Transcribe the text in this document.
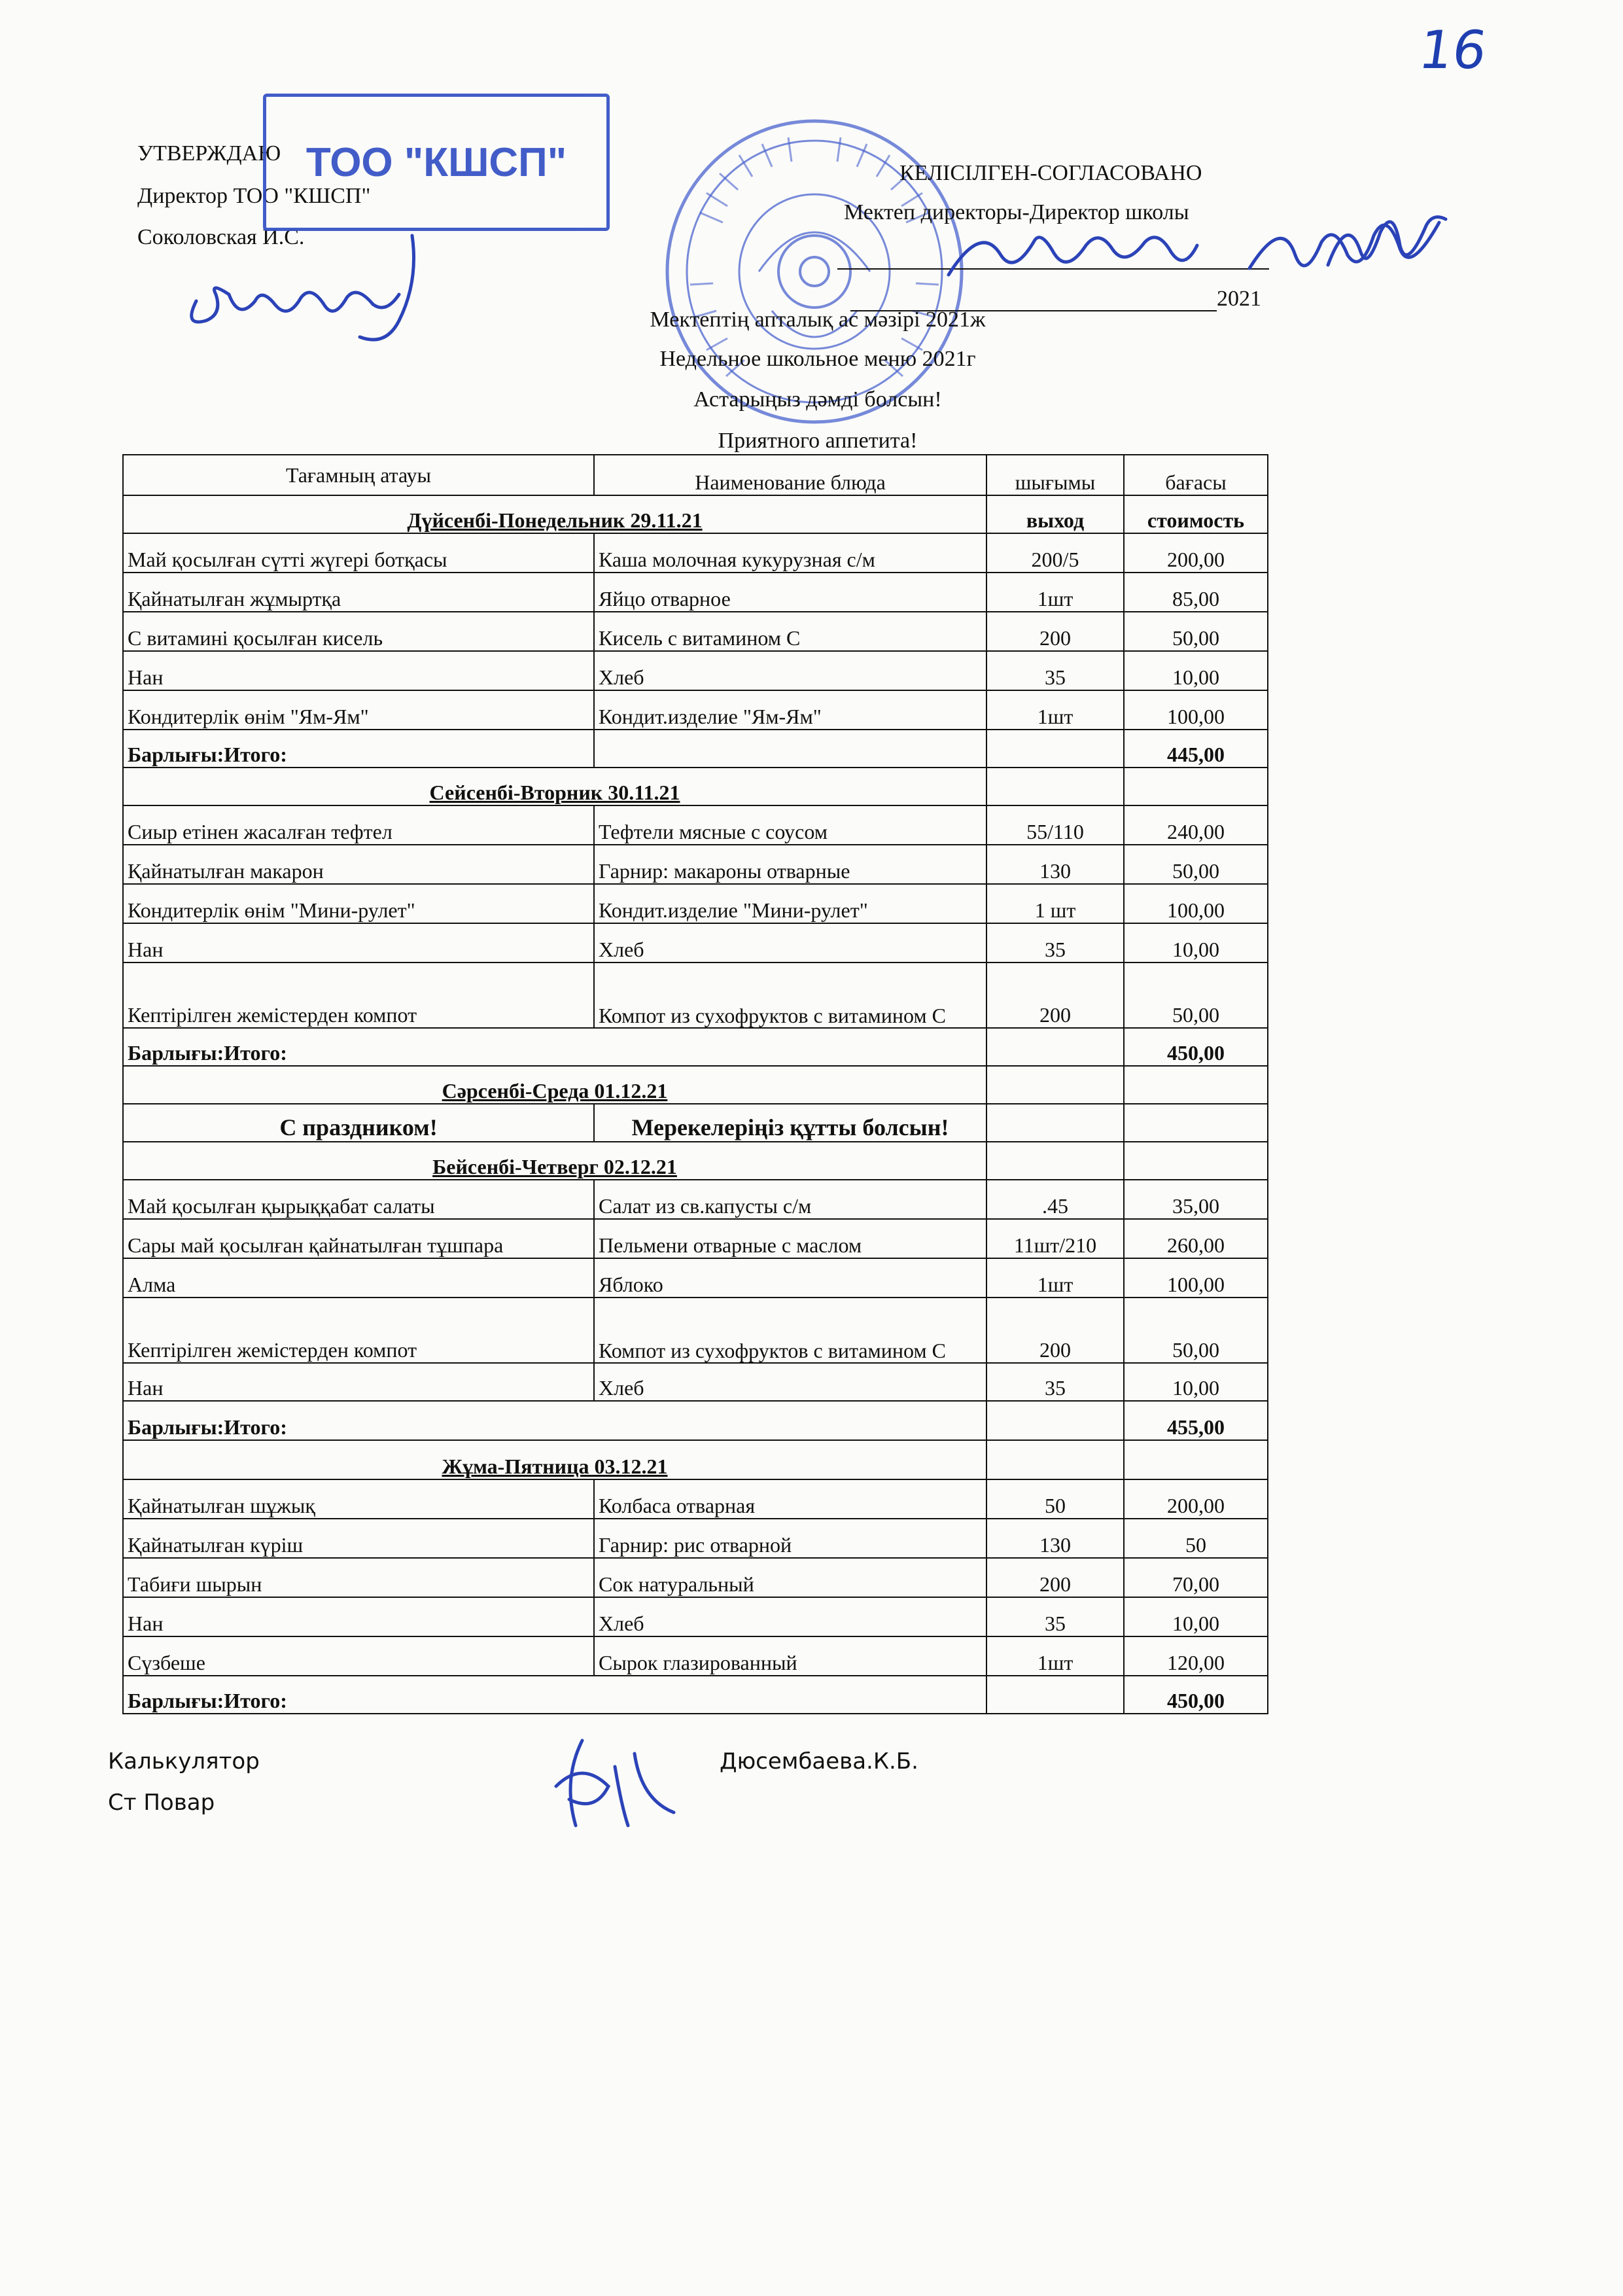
16
УТВЕРЖДАЮ
Директор ТОО "КШСП"
Соколовская И.С.
ТОО "КШСП"	КЕЛІСІЛГЕН-СОГЛАСОВАНО
Мектеп директоры-Директор школы
2021
Мектептің апталық ас мәзірі 2021ж
Недельное школьное меню 2021г
Астарыңыз дәмді болсын!
Приятного аппетита!
Тағамның атауы	Наименование блюда	шығымы	бағасы
Дүйсенбі-Понедельник 29.11.21		выход	стоимость
Май қосылған сүтті жүгері ботқасы	Каша молочная кукурузная с/м	200/5	200,00
Қайнатылған жұмыртқа	Яйцо отварное	1шт	85,00
С витамині қосылған кисель	Кисель с витамином С	200	50,00
Нан	Хлеб	35	10,00
Кондитерлік өнім "Ям-Ям"	Кондит.изделие "Ям-Ям"	1шт	100,00
Барлығы:Итого:			445,00
Сейсенбі-Вторник 30.11.21			
Сиыр етінен жасалған тефтел	Тефтели мясные с соусом	55/110	240,00
Қайнатылған макарон	Гарнир: макароны отварные	130	50,00
Кондитерлік өнім "Мини-рулет"	Кондит.изделие "Мини-рулет"	1 шт	100,00
Нан	Хлеб	35	10,00
Кептірілген жемістерден компот	Компот из сухофруктов с витамином С	200	50,00
Барлығы:Итого:			450,00
Сәрсенбі-Среда 01.12.21			
С праздником!	Мерекелеріңіз құтты болсын!		
Бейсенбі-Четверг 02.12.21			
Май қосылған қырыққабат салаты	Салат из св.капусты с/м	.45	35,00
Сары май қосылған қайнатылған тұшпара	Пельмени отварные с маслом	11шт/210	260,00
Алма	Яблоко	1шт	100,00
Кептірілген жемістерден компот	Компот из сухофруктов с витамином С	200	50,00
Нан	Хлеб	35	10,00
Барлығы:Итого:			455,00
Жұма-Пятница 03.12.21			
Қайнатылған шұжық	Колбаса отварная	50	200,00
Қайнатылған күріш	Гарнир: рис отварной	130	50
Табиғи шырын	Сок натуральный	200	70,00
Нан	Хлеб	35	10,00
Сүзбеше	Сырок глазированный	1шт	120,00
Барлығы:Итого:			450,00
Калькулятор
Ст Повар
Дюсембаева.К.Б.
